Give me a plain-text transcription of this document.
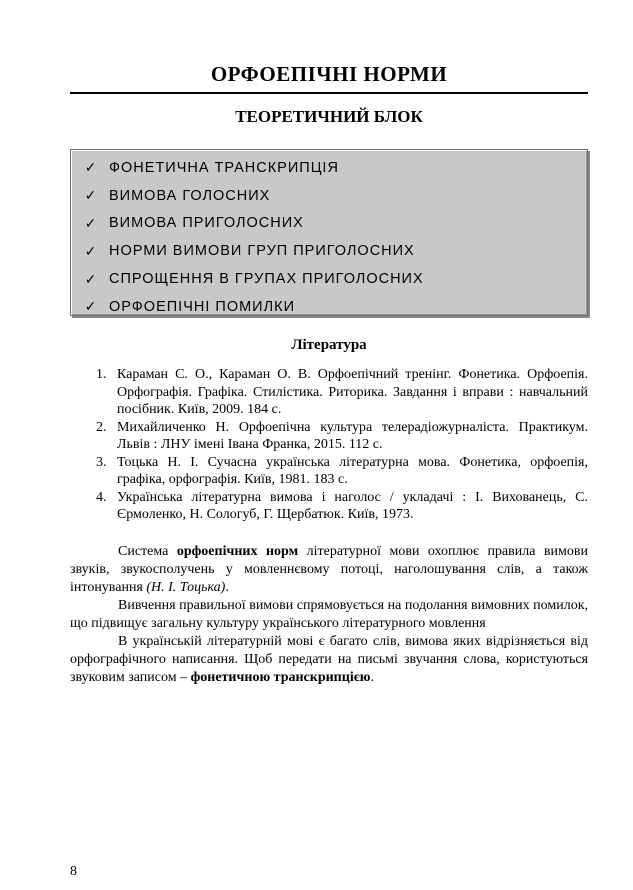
ОРФОЕПІЧНІ НОРМИ
ТЕОРЕТИЧНИЙ БЛОК
✓ ФОНЕТИЧНА ТРАНСКРИПЦІЯ
✓ ВИМОВА ГОЛОСНИХ
✓ ВИМОВА ПРИГОЛОСНИХ
✓ НОРМИ ВИМОВИ ГРУП ПРИГОЛОСНИХ
✓ СПРОЩЕННЯ В ГРУПАХ ПРИГОЛОСНИХ
✓ ОРФОЕПІЧНІ ПОМИЛКИ
Література
1. Караман С. О., Караман О. В. Орфоепічний тренінг. Фонетика. Орфоепія. Орфографія. Графіка. Стилістика. Риторика. Завдання і вправи : навчальний посібник. Київ, 2009. 184 с.
2. Михайличенко Н. Орфоепічна культура телерадіожурналіста. Практикум. Львів : ЛНУ імені Івана Франка, 2015. 112 с.
3. Тоцька Н. І. Сучасна українська літературна мова. Фонетика, орфоепія, графіка, орфографія. Київ, 1981. 183 с.
4. Українська літературна вимова і наголос / укладачі : І. Вихованець, С. Єрмоленко, Н. Сологуб, Г. Щербатюк. Київ, 1973.

Система орфоепічних норм літературної мови охоплює правила вимови звуків, звукосполучень у мовленнєвому потоці, наголошування слів, а також інтонування (Н. І. Тоцька).

Вивчення правильної вимови спрямовується на подолання вимовних помилок, що підвищує загальну культуру українського літературного мовлення

В українській літературній мові є багато слів, вимова яких відрізняється від орфографічного написання. Щоб передати на письмі звучання слова, користуються звуковим записом – фонетичною транскрипцією.

8
